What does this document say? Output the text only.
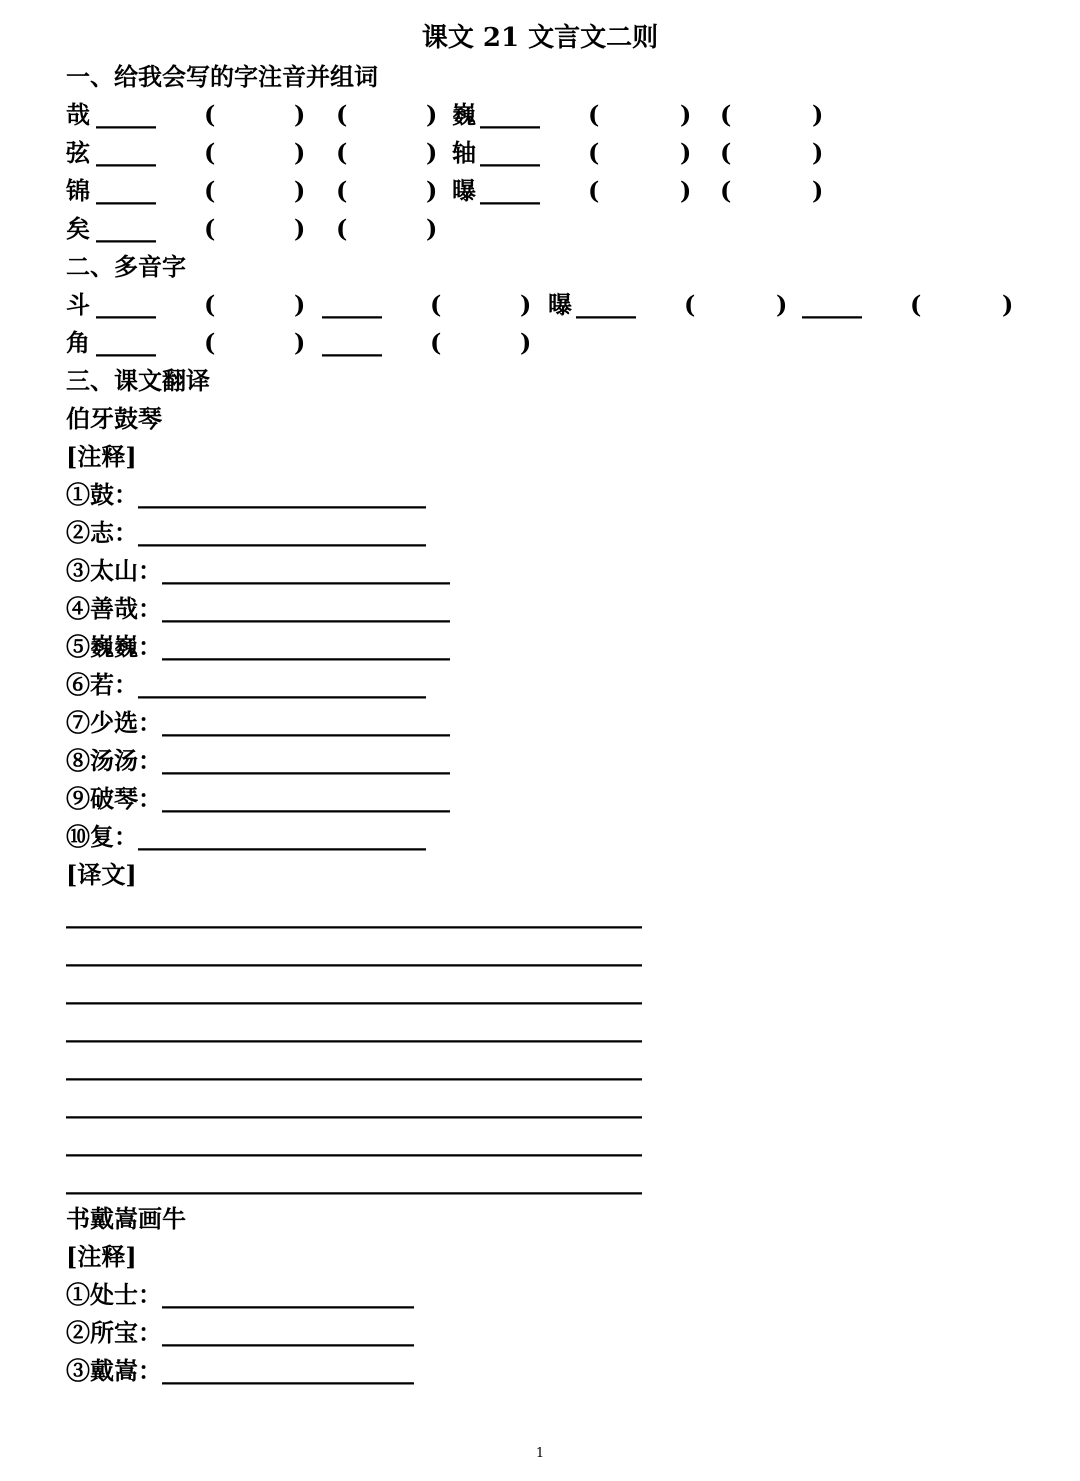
课文 21 文言文二则
一、给我会写的字注音并组词
哉 _____ (	) (	) 巍 _____ (	) (	)
弦 _____ (	) (	) 轴 _____ (	) (	)
锦 _____ (	) (	) 曝 _____ (	) (	)
矣 _____ (	) (	)
二、多音字
斗 _____ (	) _____ (	) 曝 _____ (	) _____ (	)
角 _____ (	) _____ (	)
三、课文翻译
伯牙鼓琴
[注释]
①鼓：________________________
②志：________________________
③太山：________________________
④善哉：________________________
⑤巍巍：________________________
⑥若：________________________
⑦少选：________________________
⑧汤汤：________________________
⑨破琴：________________________
⑩复：________________________
[译文]
________________________________________________
________________________________________________
________________________________________________
________________________________________________
________________________________________________
________________________________________________
________________________________________________
________________________________________________
书戴嵩画牛
[注释]
①处士：_____________________
②所宝：_____________________
③戴嵩：_____________________
1
